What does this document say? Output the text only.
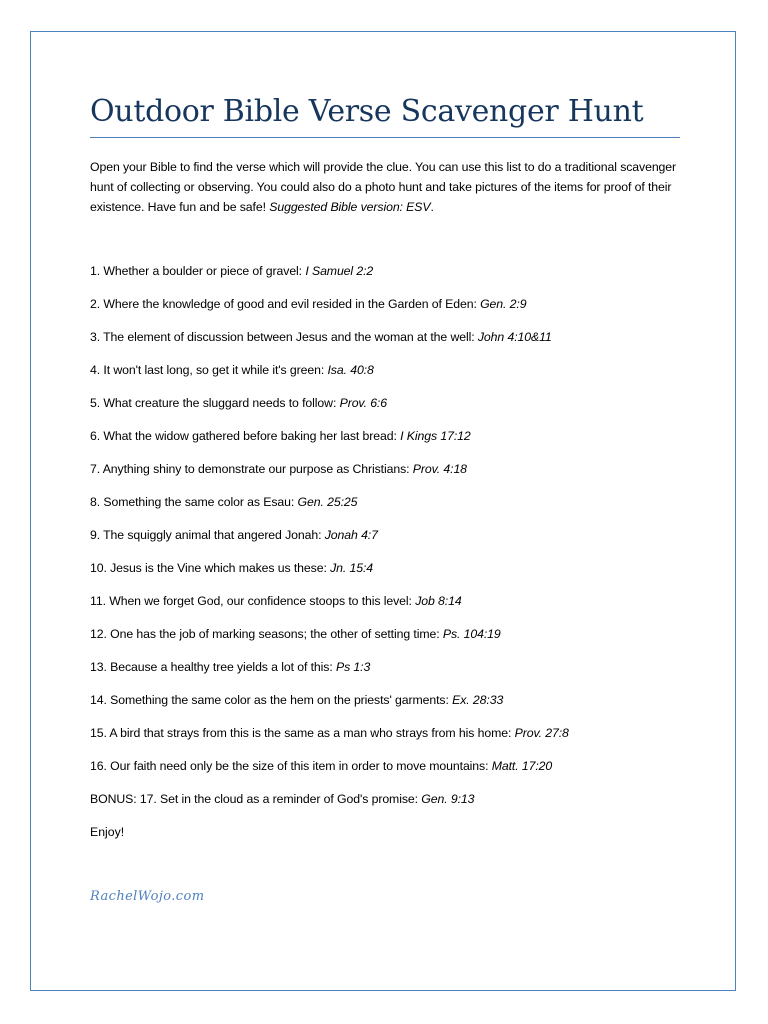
Outdoor Bible Verse Scavenger Hunt

Open your Bible to find the verse which will provide the clue. You can use this list to do a traditional scavenger hunt of collecting or observing. You could also do a photo hunt and take pictures of the items for proof of their existence. Have fun and be safe! Suggested Bible version: ESV.

1. Whether a boulder or piece of gravel: I Samuel 2:2
2. Where the knowledge of good and evil resided in the Garden of Eden: Gen. 2:9
3. The element of discussion between Jesus and the woman at the well: John 4:10&11
4. It won't last long, so get it while it's green: Isa. 40:8
5. What creature the sluggard needs to follow: Prov. 6:6
6. What the widow gathered before baking her last bread: I Kings 17:12
7. Anything shiny to demonstrate our purpose as Christians: Prov. 4:18
8. Something the same color as Esau: Gen. 25:25
9. The squiggly animal that angered Jonah: Jonah 4:7
10. Jesus is the Vine which makes us these: Jn. 15:4
11. When we forget God, our confidence stoops to this level: Job 8:14
12. One has the job of marking seasons; the other of setting time: Ps. 104:19
13. Because a healthy tree yields a lot of this: Ps 1:3
14. Something the same color as the hem on the priests' garments: Ex. 28:33
15. A bird that strays from this is the same as a man who strays from his home: Prov. 27:8
16. Our faith need only be the size of this item in order to move mountains: Matt. 17:20
BONUS: 17. Set in the cloud as a reminder of God's promise: Gen. 9:13

Enjoy!

RachelWojo.com
